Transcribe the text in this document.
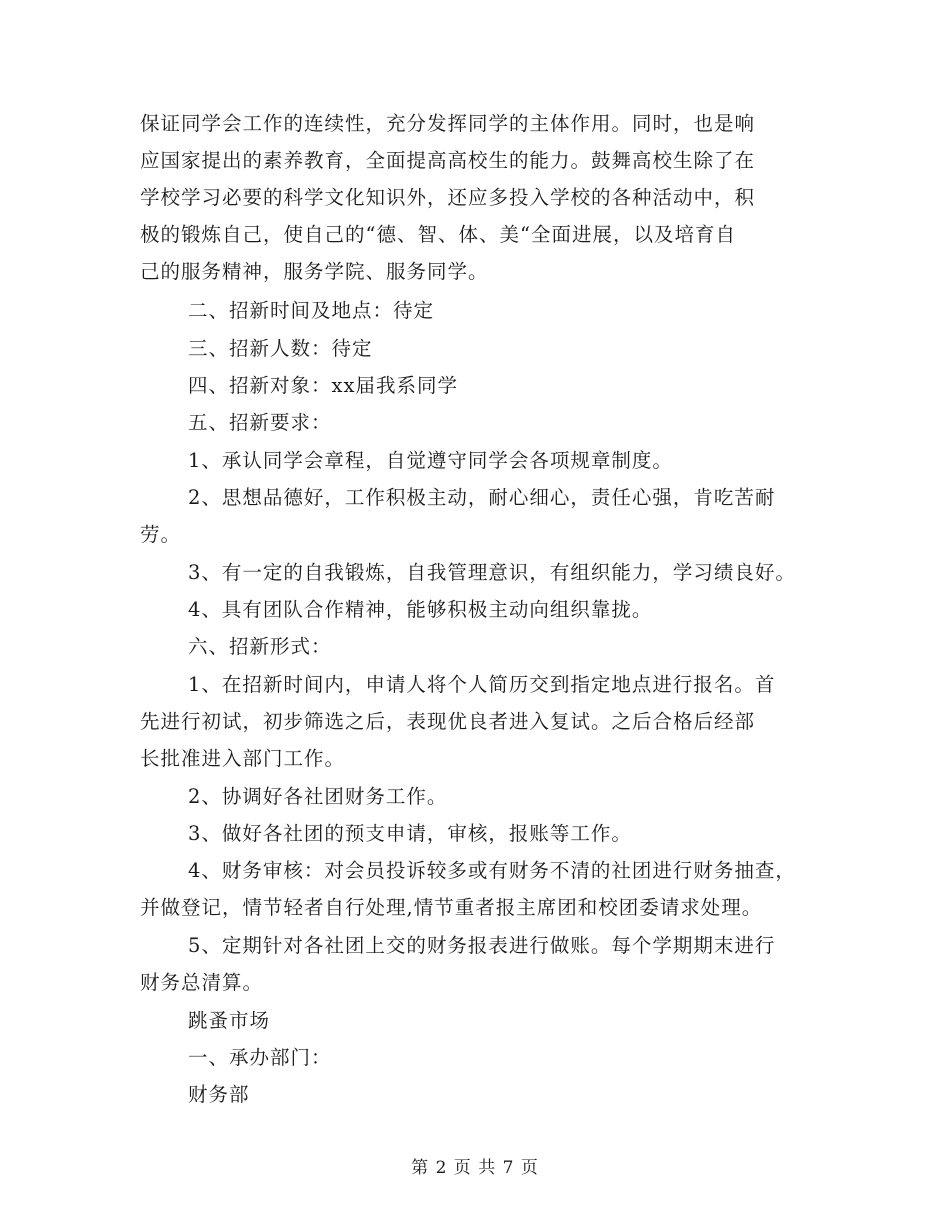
保证同学会工作的连续性，充分发挥同学的主体作用。同时，也是响
应国家提出的素养教育，全面提高高校生的能力。鼓舞高校生除了在
学校学习必要的科学文化知识外，还应多投入学校的各种活动中，积
极的锻炼自己，使自己的“德、智、体、美“全面进展，以及培育自
己的服务精神，服务学院、服务同学。
二、招新时间及地点：待定
三、招新人数：待定
四、招新对象：xx届我系同学
五、招新要求：
1、承认同学会章程，自觉遵守同学会各项规章制度。
2、思想品德好，工作积极主动，耐心细心，责任心强，肯吃苦耐
劳。
3、有一定的自我锻炼，自我管理意识，有组织能力，学习绩良好。
4、具有团队合作精神，能够积极主动向组织靠拢。
六、招新形式：
1、在招新时间内，申请人将个人简历交到指定地点进行报名。首
先进行初试，初步筛选之后，表现优良者进入复试。之后合格后经部
长批准进入部门工作。
2、协调好各社团财务工作。
3、做好各社团的预支申请，审核，报账等工作。
4、财务审核：对会员投诉较多或有财务不清的社团进行财务抽查，
并做登记，情节轻者自行处理,情节重者报主席团和校团委请求处理。
5、定期针对各社团上交的财务报表进行做账。每个学期期末进行
财务总清算。
跳蚤市场
一、承办部门：
财务部
第 2 页 共 7 页
